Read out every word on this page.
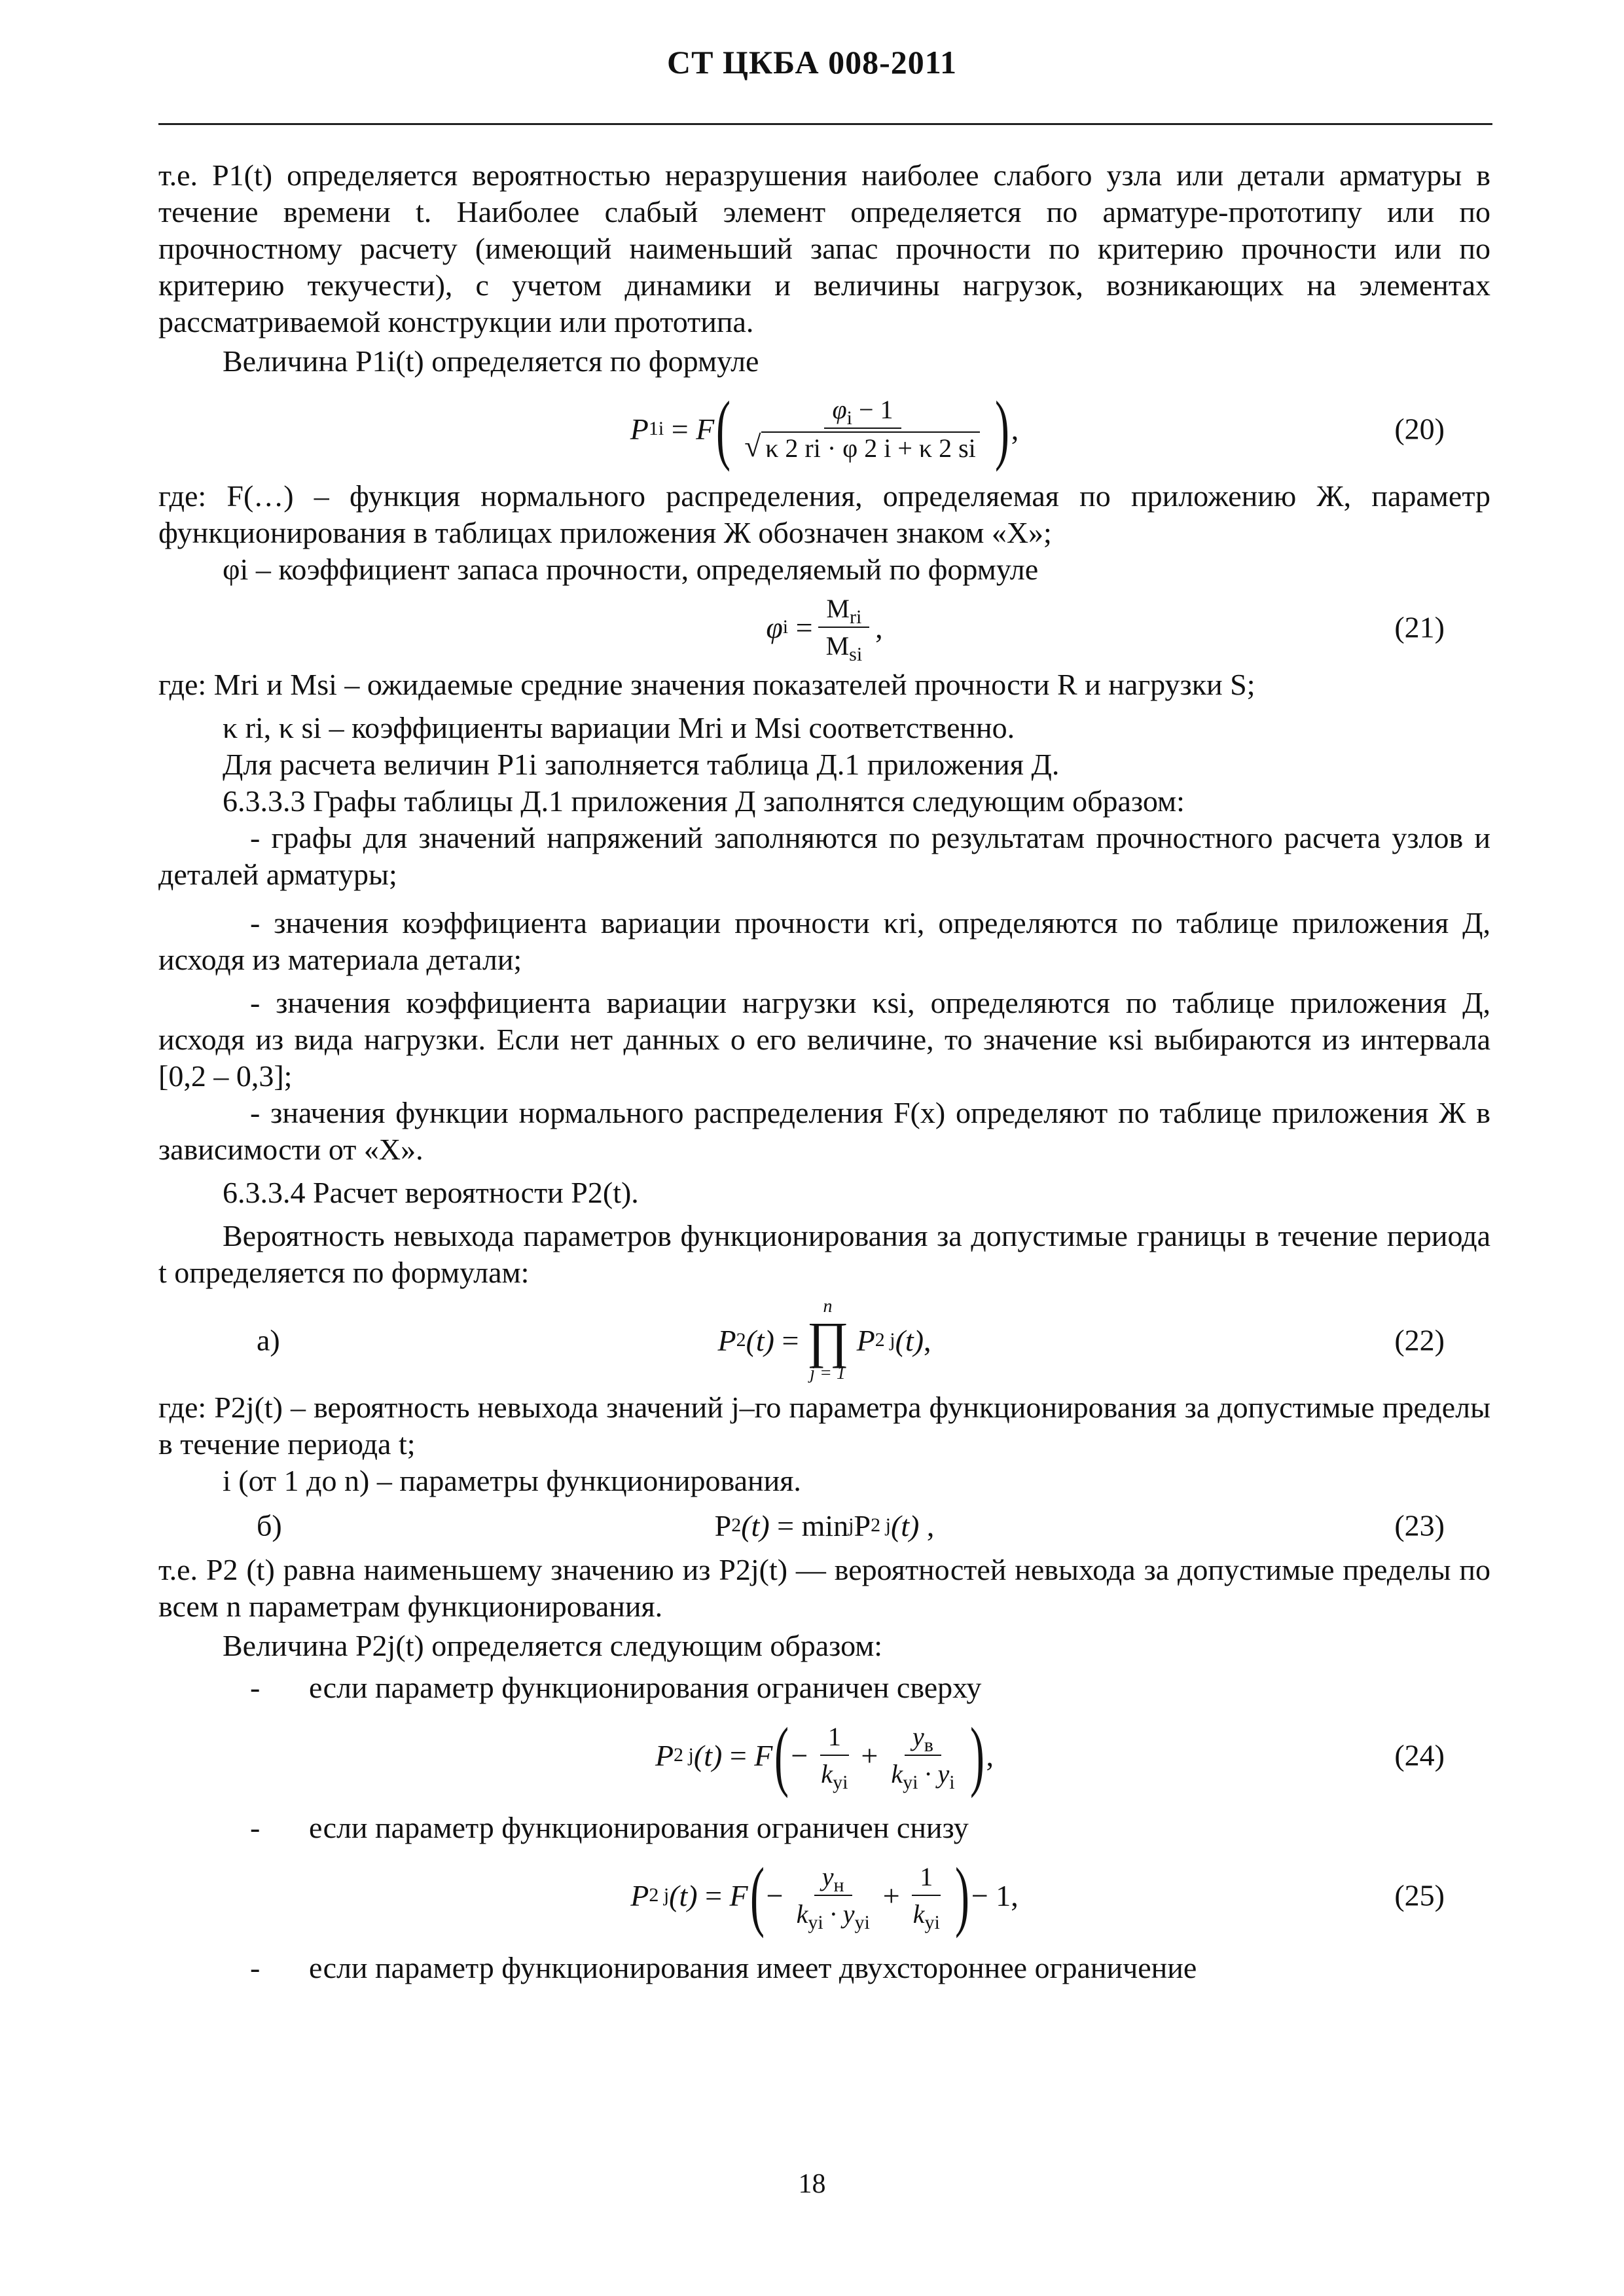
СТ ЦКБА 008-2011

т.е. P1(t) определяется вероятностью неразрушения наиболее слабого узла или детали арматуры в течение времени t. Наиболее слабый элемент определяется по арматуре-прототипу или по прочностному расчету (имеющий наименьший запас прочности по критерию прочности или по критерию текучести), с учетом динамики и величины нагрузок, возникающих на элементах рассматриваемой конструкции или прототипа.

Величина P1i(t) определяется по формуле

P 1i
=
F ( $\varphi_i - 1$
√ κ 2 ri · φ 2 i + κ 2 si ) ,	(20)

где: F(…) – функция нормального распределения, определяемая по приложению Ж, параметр функционирования в таблицах приложения Ж обозначен знаком «X»;

φi – коэффициент запаса прочности, определяемый по формуле

φ i
= $\frac{M_{ri}}{M_{si}}$ ,	(21)

где: Mri и Msi – ожидаемые средние значения показателей прочности R и нагрузки S;

κ ri, κ si – коэффициенты вариации Mri и Msi соответственно.

Для расчета величин P1i заполняется таблица Д.1 приложения Д.

6.3.3.3 Графы таблицы Д.1 приложения Д заполнятся следующим образом:

- графы для значений напряжений заполняются по результатам прочностного расчета узлов и деталей арматуры;

- значения коэффициента вариации прочности κri, определяются по таблице приложения Д, исходя из материала детали;

- значения коэффициента вариации нагрузки κsi, определяются по таблице приложения Д, исходя из вида нагрузки. Если нет данных о его величине, то значение κsi выбираются из интервала [0,2 – 0,3];

- значения функции нормального распределения F(x) определяют по таблице приложения Ж в зависимости от «X».

6.3.3.4 Расчет вероятности P2(t).

Вероятность невыхода параметров функционирования за допустимые границы в течение периода t определяется по формулам:

а)	P 2 (t)
=
n
∏
j = 1
P 2 j (t) ,	(22)

где: P2j(t) – вероятность невыхода значений j–го параметра функционирования за допустимые пределы в течение периода t;

i (от 1 до n) – параметры функционирования.

б)	P 2 (t)
=
min j P 2 j (t)
,	(23)

т.е. P2 (t) равна наименьшему значению из P2j(t) — вероятностей невыхода за допустимые пределы по всем n параметрам функционирования.

Величина P2j(t) определяется следующим образом:

-	если параметр функционирования ограничен сверху
P 2 j (t)
=
F ( − $\frac{1}{k_{yi}} + \frac{y_в}{k_{yi} \cdot y_i}$ ) ,	(24)
-	если параметр функционирования ограничен снизу
P 2 j (t)
=
F ( − $\frac{y_н}{k_{yi} \cdot y_{yi}} + \frac{1}{k_{yi}}$ ) − 1 ,	(25)
-	если параметр функционирования имеет двухстороннее ограничение
18
